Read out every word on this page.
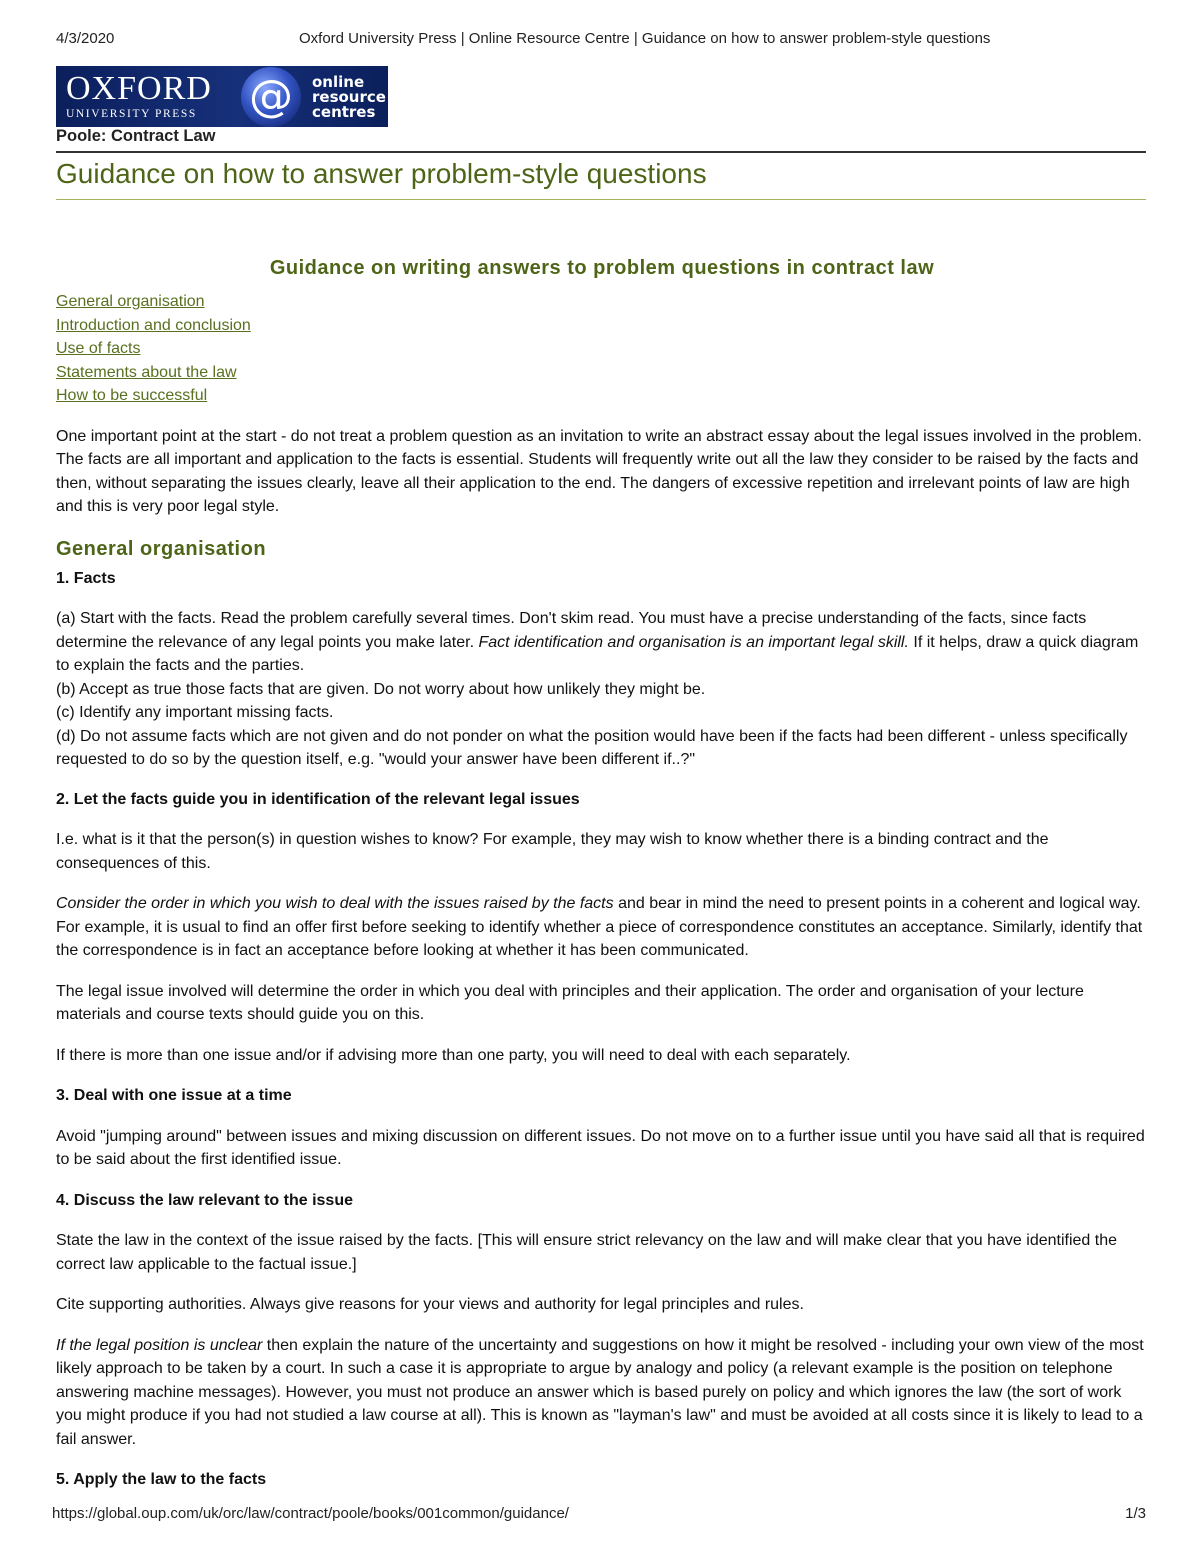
4/3/2020	Oxford University Press | Online Resource Centre | Guidance on how to answer problem-style questions
OXFORD
UNIVERSITY PRESS	@ online
resource
centres
Poole: Contract Law
Guidance on how to answer problem-style questions
Guidance on writing answers to problem questions in contract law
General organisation
Introduction and conclusion
Use of facts
Statements about the law
How to be successful

One important point at the start - do not treat a problem question as an invitation to write an abstract essay about the legal issues involved in the problem. The facts are all important and application to the facts is essential. Students will frequently write out all the law they consider to be raised by the facts and then, without separating the issues clearly, leave all their application to the end. The dangers of excessive repetition and irrelevant points of law are high and this is very poor legal style.

General organisation
1. Facts
(a) Start with the facts. Read the problem carefully several times. Don't skim read. You must have a precise understanding of the facts, since facts determine the relevance of any legal points you make later. Fact identification and organisation is an important legal skill. If it helps, draw a quick diagram to explain the facts and the parties.
(b) Accept as true those facts that are given. Do not worry about how unlikely they might be.
(c) Identify any important missing facts.
(d) Do not assume facts which are not given and do not ponder on what the position would have been if the facts had been different - unless specifically requested to do so by the question itself, e.g. "would your answer have been different if..?"
2. Let the facts guide you in identification of the relevant legal issues

I.e. what is it that the person(s) in question wishes to know? For example, they may wish to know whether there is a binding contract and the consequences of this.

Consider the order in which you wish to deal with the issues raised by the facts and bear in mind the need to present points in a coherent and logical way. For example, it is usual to find an offer first before seeking to identify whether a piece of correspondence constitutes an acceptance. Similarly, identify that the correspondence is in fact an acceptance before looking at whether it has been communicated.

The legal issue involved will determine the order in which you deal with principles and their application. The order and organisation of your lecture materials and course texts should guide you on this.

If there is more than one issue and/or if advising more than one party, you will need to deal with each separately.

3. Deal with one issue at a time

Avoid "jumping around" between issues and mixing discussion on different issues. Do not move on to a further issue until you have said all that is required to be said about the first identified issue.

4. Discuss the law relevant to the issue

State the law in the context of the issue raised by the facts. [This will ensure strict relevancy on the law and will make clear that you have identified the correct law applicable to the factual issue.]

Cite supporting authorities. Always give reasons for your views and authority for legal principles and rules.

If the legal position is unclear then explain the nature of the uncertainty and suggestions on how it might be resolved - including your own view of the most likely approach to be taken by a court. In such a case it is appropriate to argue by analogy and policy (a relevant example is the position on telephone answering machine messages). However, you must not produce an answer which is based purely on policy and which ignores the law (the sort of work you might produce if you had not studied a law course at all). This is known as "layman's law" and must be avoided at all costs since it is likely to lead to a fail answer.

5. Apply the law to the facts
https://global.oup.com/uk/orc/law/contract/poole/books/001common/guidance/	1/3
